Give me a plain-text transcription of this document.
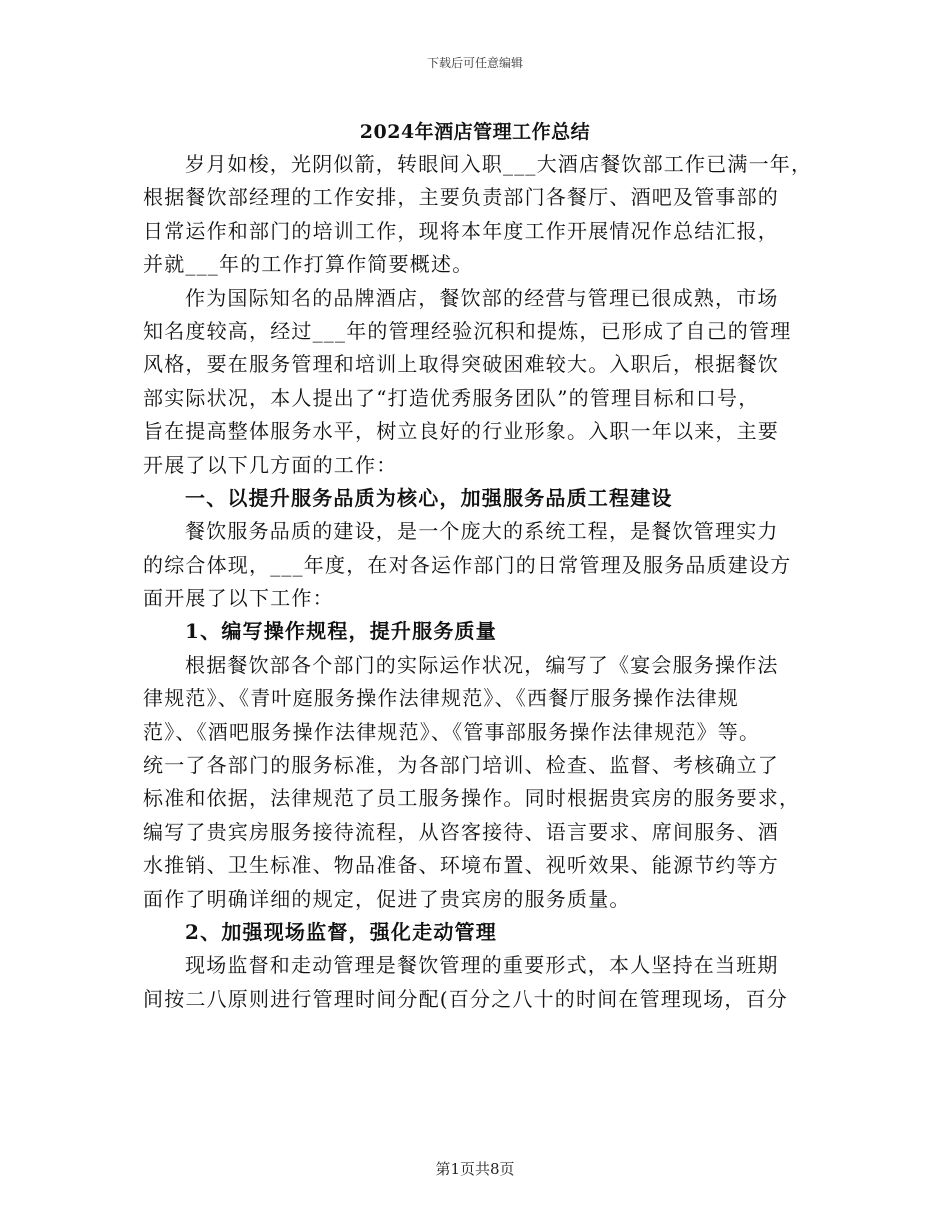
下载后可任意编辑
2024年酒店管理工作总结
岁月如梭，光阴似箭，转眼间入职___大酒店餐饮部工作已满一年，
根据餐饮部经理的工作安排，主要负责部门各餐厅、酒吧及管事部的
日常运作和部门的培训工作，现将本年度工作开展情况作总结汇报，
并就___年的工作打算作简要概述。
作为国际知名的品牌酒店，餐饮部的经营与管理已很成熟，市场
知名度较高，经过___年的管理经验沉积和提炼，已形成了自己的管理
风格，要在服务管理和培训上取得突破困难较大。入职后，根据餐饮
部实际状况，本人提出了“打造优秀服务团队”的管理目标和口号，
旨在提高整体服务水平，树立良好的行业形象。入职一年以来，主要
开展了以下几方面的工作：
一、以提升服务品质为核心，加强服务品质工程建设
餐饮服务品质的建设，是一个庞大的系统工程，是餐饮管理实力
的综合体现，___年度，在对各运作部门的日常管理及服务品质建设方
面开展了以下工作：
1、编写操作规程，提升服务质量
根据餐饮部各个部门的实际运作状况，编写了《宴会服务操作法
律规范》、《青叶庭服务操作法律规范》、《西餐厅服务操作法律规
范》、《酒吧服务操作法律规范》、《管事部服务操作法律规范》等。
统一了各部门的服务标准，为各部门培训、检查、监督、考核确立了
标准和依据，法律规范了员工服务操作。同时根据贵宾房的服务要求，
编写了贵宾房服务接待流程，从咨客接待、语言要求、席间服务、酒
水推销、卫生标准、物品准备、环境布置、视听效果、能源节约等方
面作了明确详细的规定，促进了贵宾房的服务质量。
2、加强现场监督，强化走动管理
现场监督和走动管理是餐饮管理的重要形式，本人坚持在当班期
间按二八原则进行管理时间分配(百分之八十的时间在管理现场，百分
第1页共8页
